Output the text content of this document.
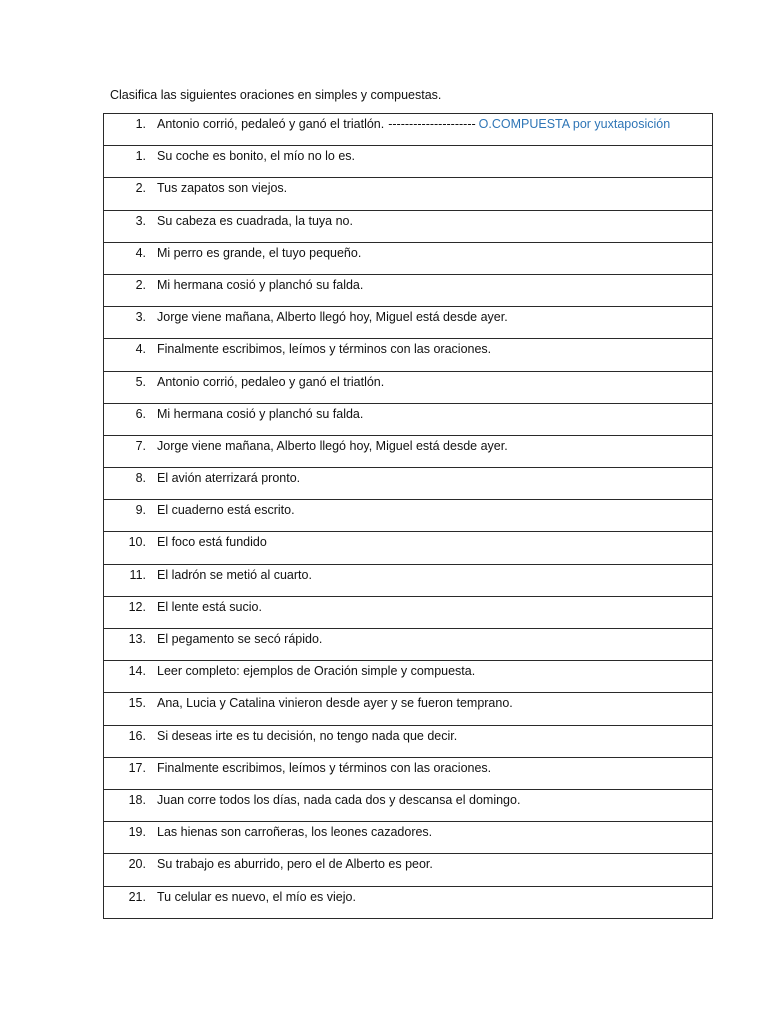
Clasifica las siguientes oraciones en simples y compuestas.
1. Antonio corrió, pedaleó y ganó el triatlón. --------------------- O.COMPUESTA por yuxtaposición

1. Su coche es bonito, el mío no lo es.

2. Tus zapatos son viejos.

3. Su cabeza es cuadrada, la tuya no.

4. Mi perro es grande, el tuyo pequeño.

2. Mi hermana cosió y planchó su falda.

3. Jorge viene mañana, Alberto llegó hoy, Miguel está desde ayer.

4. Finalmente escribimos, leímos y términos con las oraciones.

5. Antonio corrió, pedaleo y ganó el triatlón.

6. Mi hermana cosió y planchó su falda.

7. Jorge viene mañana, Alberto llegó hoy, Miguel está desde ayer.

8. El avión aterrizará pronto.

9. El cuaderno está escrito.

10. El foco está fundido

11. El ladrón se metió al cuarto.

12. El lente está sucio.

13. El pegamento se secó rápido.

14. Leer completo: ejemplos de Oración simple y compuesta.

15. Ana, Lucia y Catalina vinieron desde ayer y se fueron temprano.

16. Si deseas irte es tu decisión, no tengo nada que decir.

17. Finalmente escribimos, leímos y términos con las oraciones.

18. Juan corre todos los días, nada cada dos y descansa el domingo.

19. Las hienas son carroñeras, los leones cazadores.

20. Su trabajo es aburrido, pero el de Alberto es peor.

21. Tu celular es nuevo, el mío es viejo.
